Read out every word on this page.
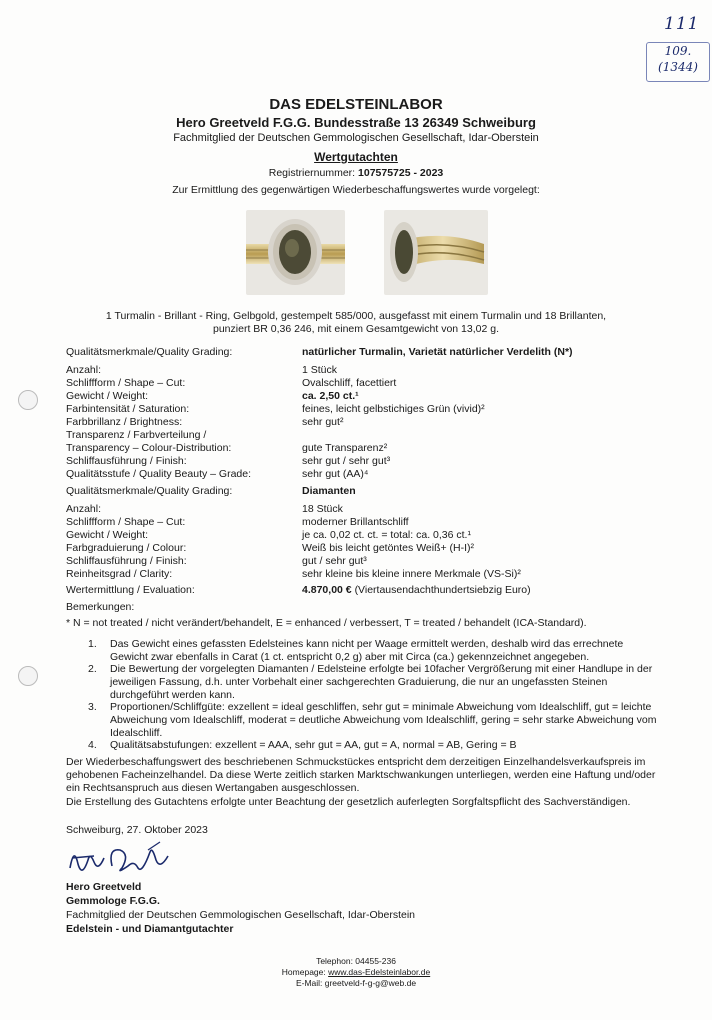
111
109.
(1344)
DAS EDELSTEINLABOR
Hero Greetveld F.G.G. Bundesstraße 13 26349 Schweiburg
Fachmitglied der Deutschen Gemmologischen Gesellschaft, Idar-Oberstein
Wertgutachten
Registriernummer: 107575725 - 2023
Zur Ermittlung des gegenwärtigen Wiederbeschaffungswertes wurde vorgelegt:
1 Turmalin - Brillant - Ring, Gelbgold, gestempelt 585/000, ausgefasst mit einem Turmalin und 18 Brillanten,
punziert BR 0,36 246, mit einem Gesamtgewicht von 13,02 g.
Qualitätsmerkmale/Quality Grading:	natürlicher Turmalin, Varietät natürlicher Verdelith (N*)
Anzahl:	1 Stück
Schliffform / Shape – Cut:	Ovalschliff, facettiert
Gewicht / Weight:	ca. 2,50 ct.¹
Farbintensität / Saturation:	feines, leicht gelbstichiges Grün (vivid)²
Farbbrillanz / Brightness:	sehr gut²
Transparenz / Farbverteilung /
Transparency – Colour-Distribution:	gute Transparenz²
Schliffausführung / Finish:	sehr gut / sehr gut³
Qualitätsstufe / Quality Beauty – Grade:	sehr gut (AA)⁴
Qualitätsmerkmale/Quality Grading:	Diamanten
Anzahl:	18 Stück
Schliffform / Shape – Cut:	moderner Brillantschliff
Gewicht / Weight:	je ca. 0,02 ct. ct. = total: ca. 0,36 ct.¹
Farbgraduierung / Colour:	Weiß bis leicht getöntes Weiß+ (H-I)²
Schliffausführung / Finish:	gut / sehr gut³
Reinheitsgrad / Clarity:	sehr kleine bis kleine innere Merkmale (VS-Si)²
Wertermittlung / Evaluation:	4.870,00 € (Viertausendachthundertsiebzig Euro)
Bemerkungen:
* N = not treated / nicht verändert/behandelt, E = enhanced / verbessert, T = treated / behandelt (ICA-Standard).
1. Das Gewicht eines gefassten Edelsteines kann nicht per Waage ermittelt werden, deshalb wird das errechnete Gewicht zwar ebenfalls in Carat (1 ct. entspricht 0,2 g) aber mit Circa (ca.) gekennzeichnet angegeben.
2. Die Bewertung der vorgelegten Diamanten / Edelsteine erfolgte bei 10facher Vergrößerung mit einer Handlupe in der jeweiligen Fassung, d.h. unter Vorbehalt einer sachgerechten Graduierung, die nur an ungefassten Steinen durchgeführt werden kann.
3. Proportionen/Schliffgüte: exzellent = ideal geschliffen, sehr gut = minimale Abweichung vom Idealschliff, gut = leichte Abweichung vom Idealschliff, moderat = deutliche Abweichung vom Idealschliff, gering = sehr starke Abweichung vom Idealschliff.
4. Qualitätsabstufungen: exzellent = AAA, sehr gut = AA, gut = A, normal = AB, Gering = B
Der Wiederbeschaffungswert des beschriebenen Schmuckstückes entspricht dem derzeitigen Einzelhandelsverkaufspreis im gehobenen Facheinzelhandel. Da diese Werte zeitlich starken Marktschwankungen unterliegen, werden eine Haftung und/oder ein Rechtsanspruch aus diesen Wertangaben ausgeschlossen.
Die Erstellung des Gutachtens erfolgte unter Beachtung der gesetzlich auferlegten Sorgfaltspflicht des Sachverständigen.
Schweiburg, 27. Oktober 2023
Hero Greetveld
Gemmologe F.G.G.
Fachmitglied der Deutschen Gemmologischen Gesellschaft, Idar-Oberstein
Edelstein - und Diamantgutachter
Telephon: 04455-236
Homepage: www.das-Edelsteinlabor.de
E-Mail: greetveld-f-g-g@web.de
